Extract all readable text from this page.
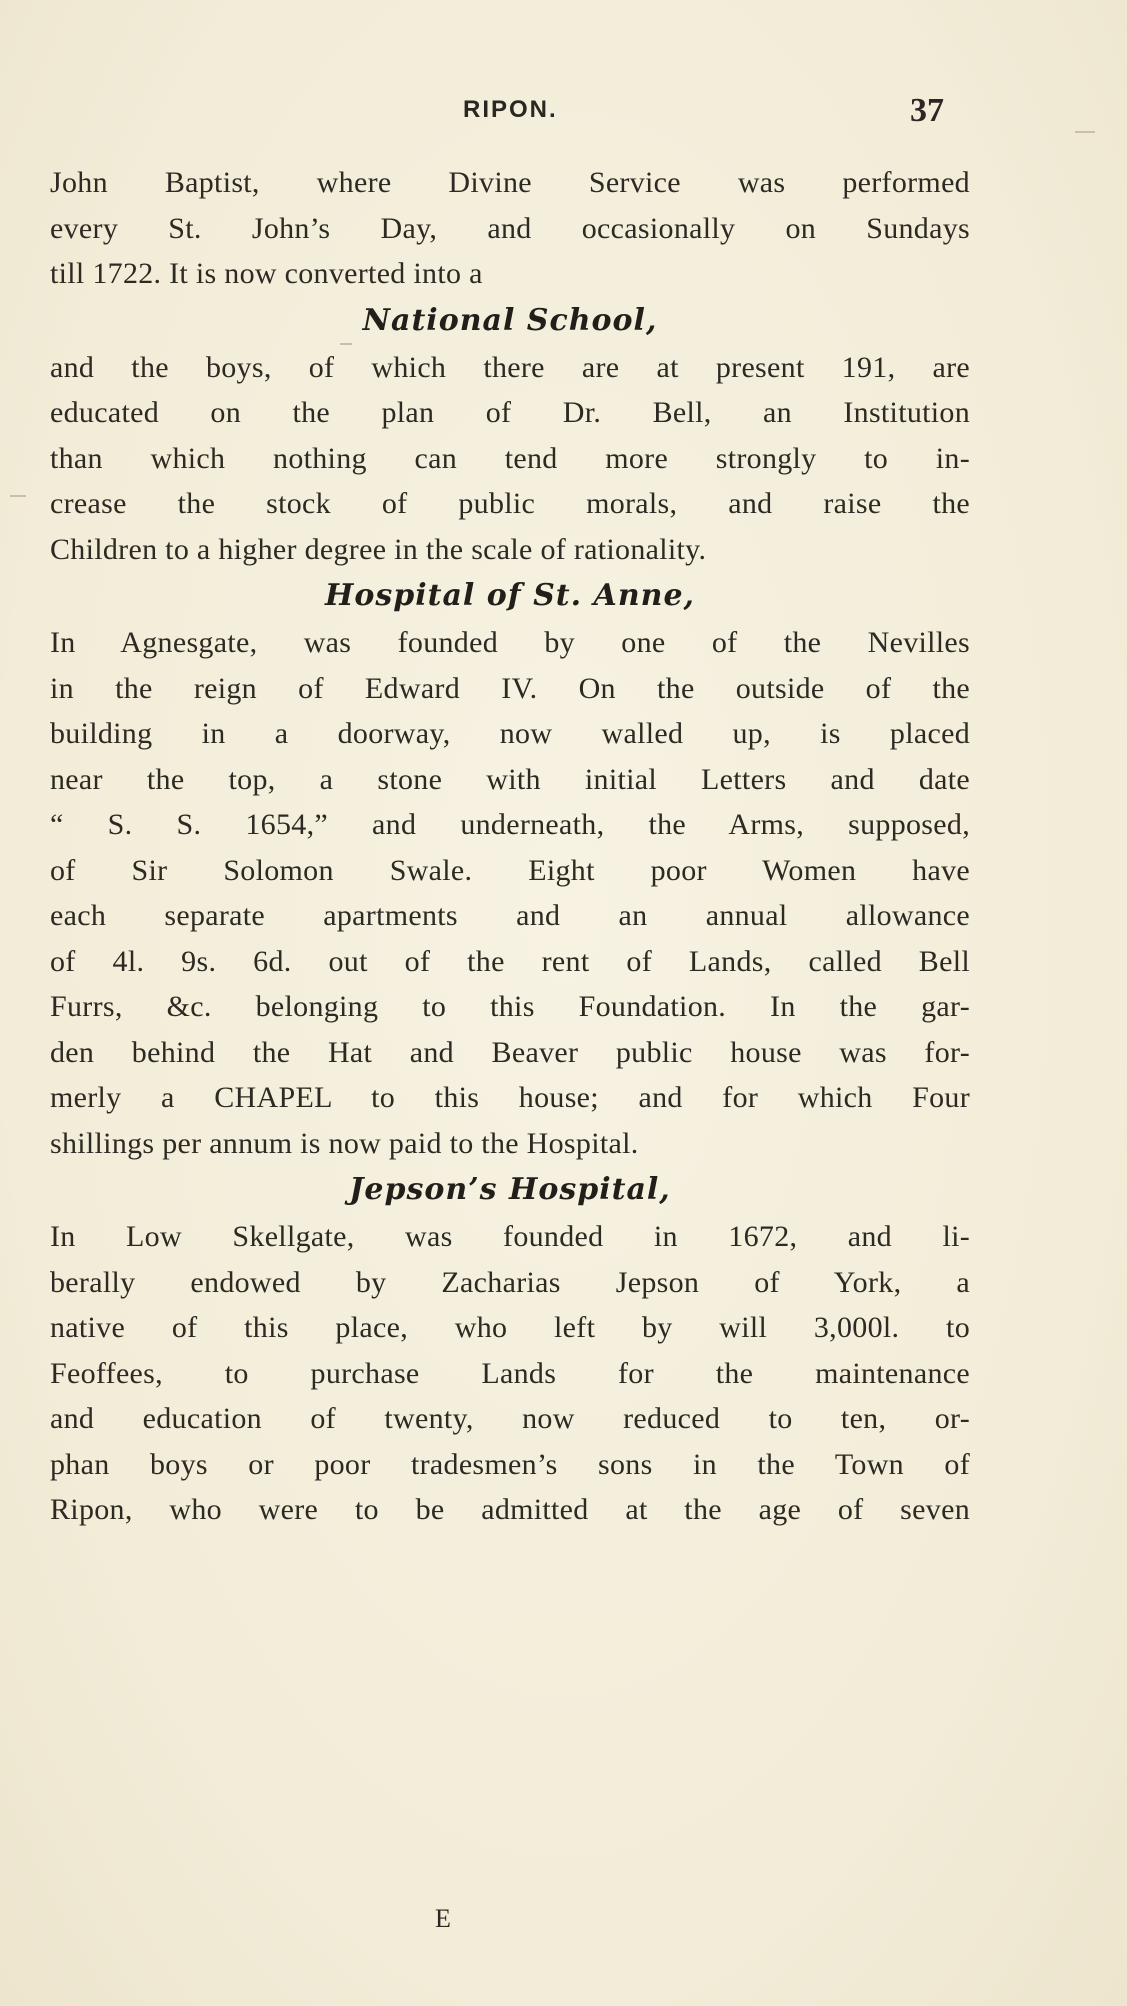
RIPON.	37
John Baptist, where Divine Service was performed
every St. John’s Day, and occasionally on Sundays
till 1722. It is now converted into a
National School,
and the boys, of which there are at present 191, are
educated on the plan of Dr. Bell, an Institution
than which nothing can tend more strongly to in-
crease the stock of public morals, and raise the
Children to a higher degree in the scale of rationality.
Hospital of St. Anne,
In Agnesgate, was founded by one of the Nevilles
in the reign of Edward IV. On the outside of the
building in a doorway, now walled up, is placed
near the top, a stone with initial Letters and date
“ S. S. 1654,” and underneath, the Arms, supposed,
of Sir Solomon Swale. Eight poor Women have
each separate apartments and an annual allowance
of 4l. 9s. 6d. out of the rent of Lands, called Bell
Furrs, &c. belonging to this Foundation. In the gar-
den behind the Hat and Beaver public house was for-
merly a CHAPEL to this house; and for which Four
shillings per annum is now paid to the Hospital.
Jepson’s Hospital,
In Low Skellgate, was founded in 1672, and li-
berally endowed by Zacharias Jepson of York, a
native of this place, who left by will 3,000l. to
Feoffees, to purchase Lands for the maintenance
and education of twenty, now reduced to ten, or-
phan boys or poor tradesmen’s sons in the Town of
Ripon, who were to be admitted at the age of seven
E
